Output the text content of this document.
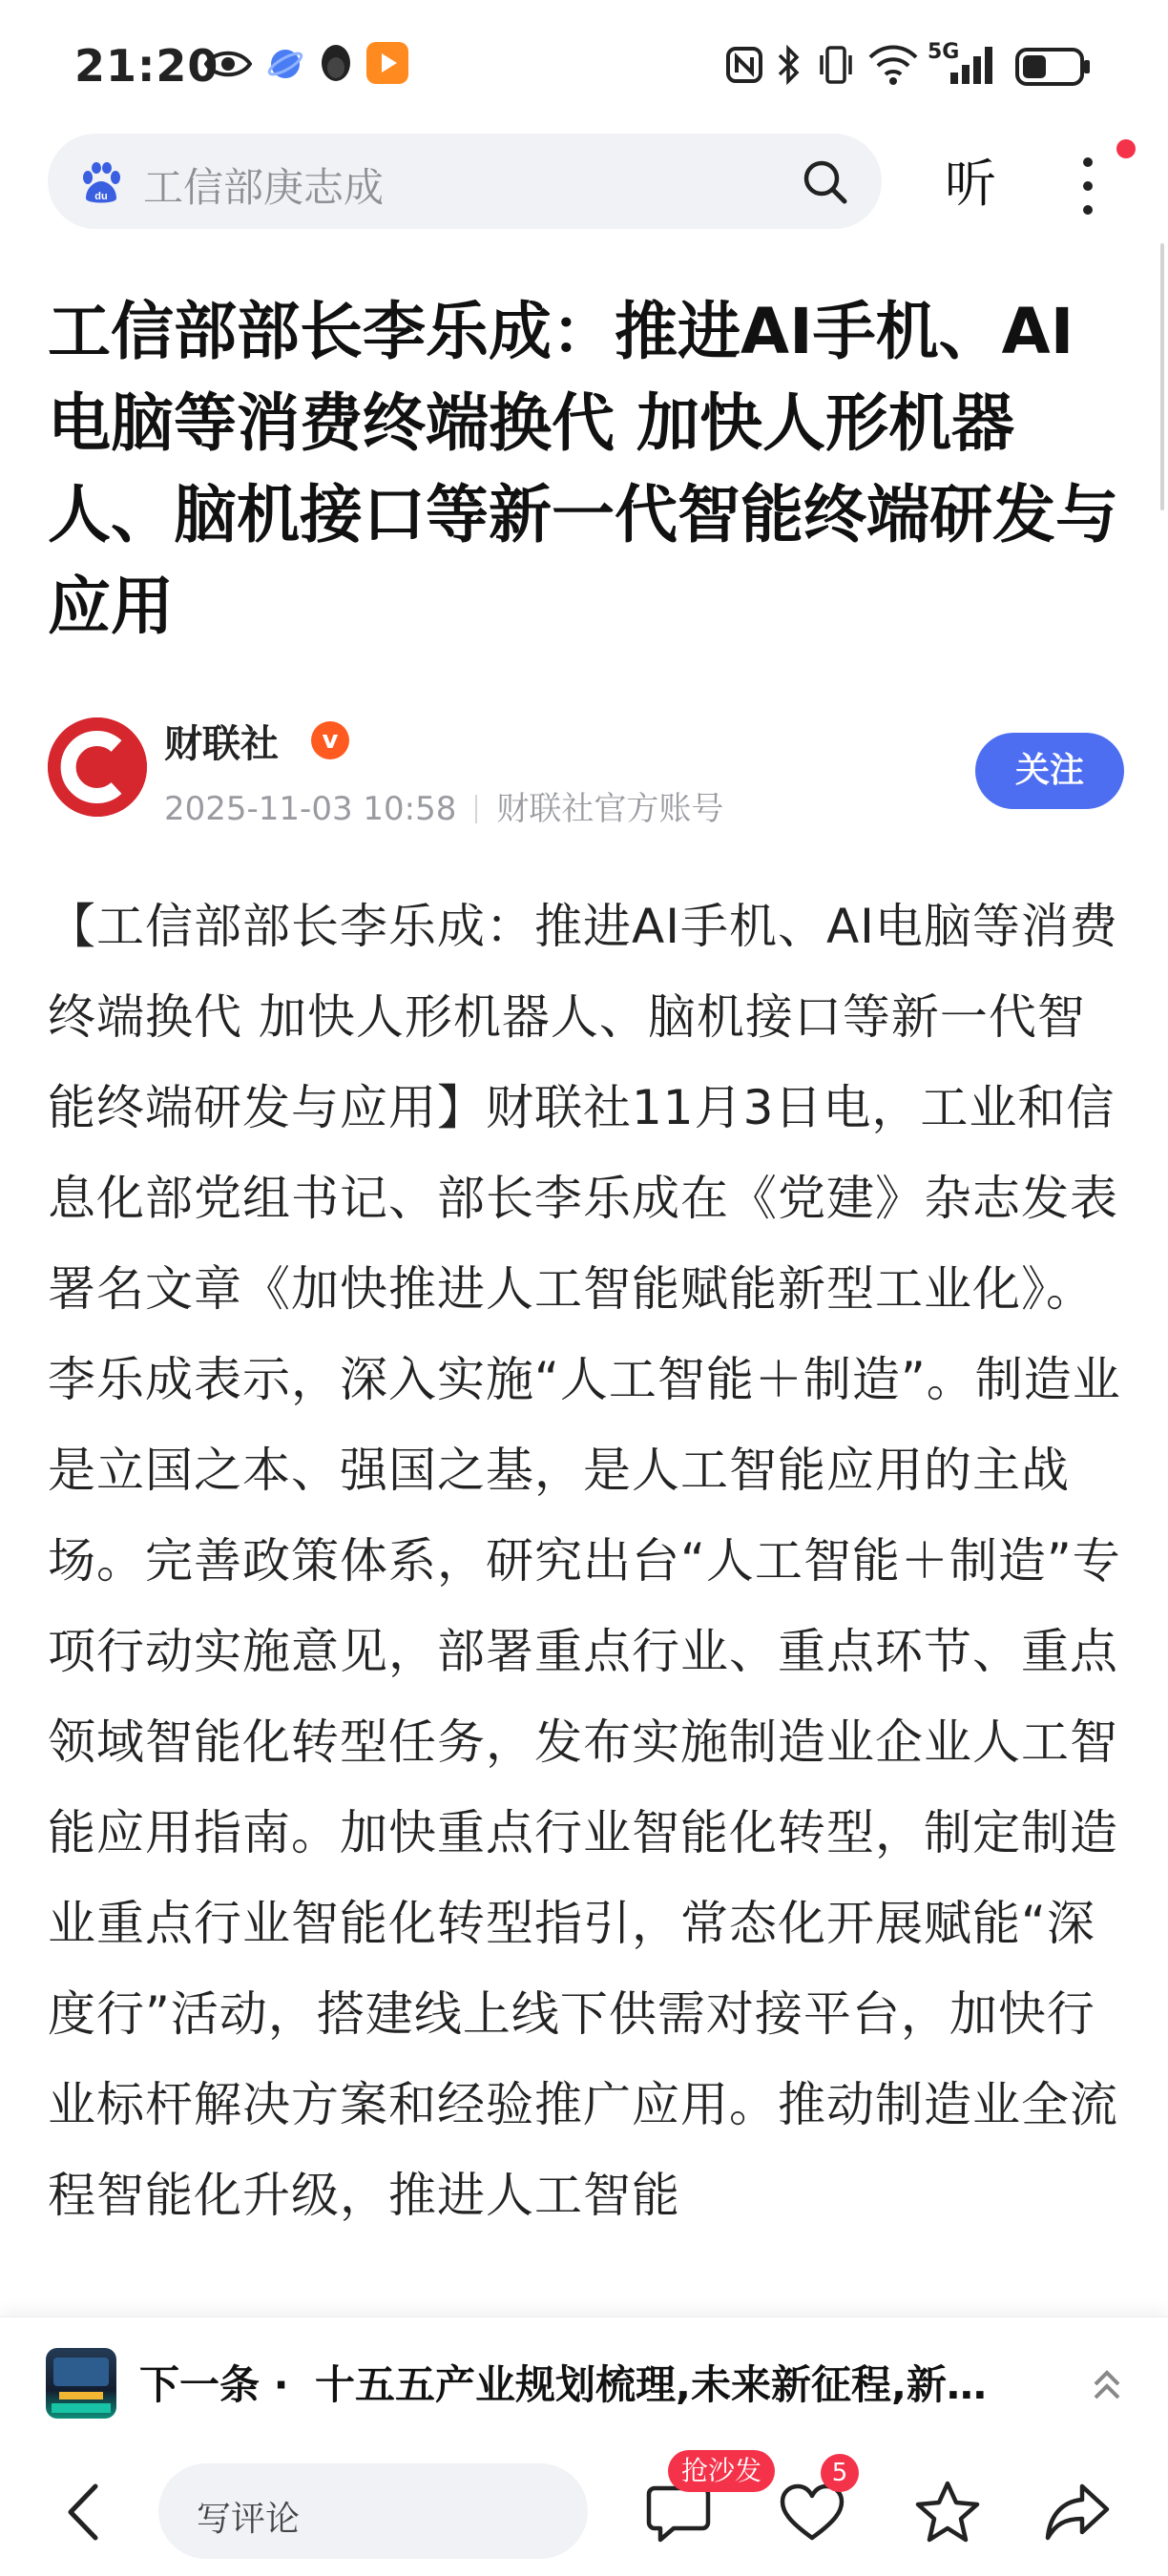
21:20	5G
du 工信部庚志成	听
工信部部长李乐成：推进AI手机、AI电脑等消费终端换代 加快人形机器人、脑机接口等新一代智能终端研发与应用
财联社	v
2025-11-03 10:58 财联社官方账号
关注

【工信部部长李乐成：推进AI手机、AI电脑等消费终端换代 加快人形机器人、脑机接口等新一代智能终端研发与应用】财联社11月3日电，工业和信息化部党组书记、部长李乐成在《党建》杂志发表署名文章《加快推进人工智能赋能新型工业化》。李乐成表示，深入实施“人工智能＋制造”。制造业是立国之本、强国之基，是人工智能应用的主战场。完善政策体系，研究出台“人工智能＋制造”专项行动实施意见，部署重点行业、重点环节、重点领域智能化转型任务，发布实施制造业企业人工智能应用指南。加快重点行业智能化转型，制定制造业重点行业智能化转型指引，常态化开展赋能“深度行”活动，搭建线上线下供需对接平台，加快行业标杆解决方案和经验推广应用。推动制造业全流程智能化升级，推进人工智能

下一条 · 十五五产业规划梳理,未来新征程,新…
写评论
抢沙发	5
